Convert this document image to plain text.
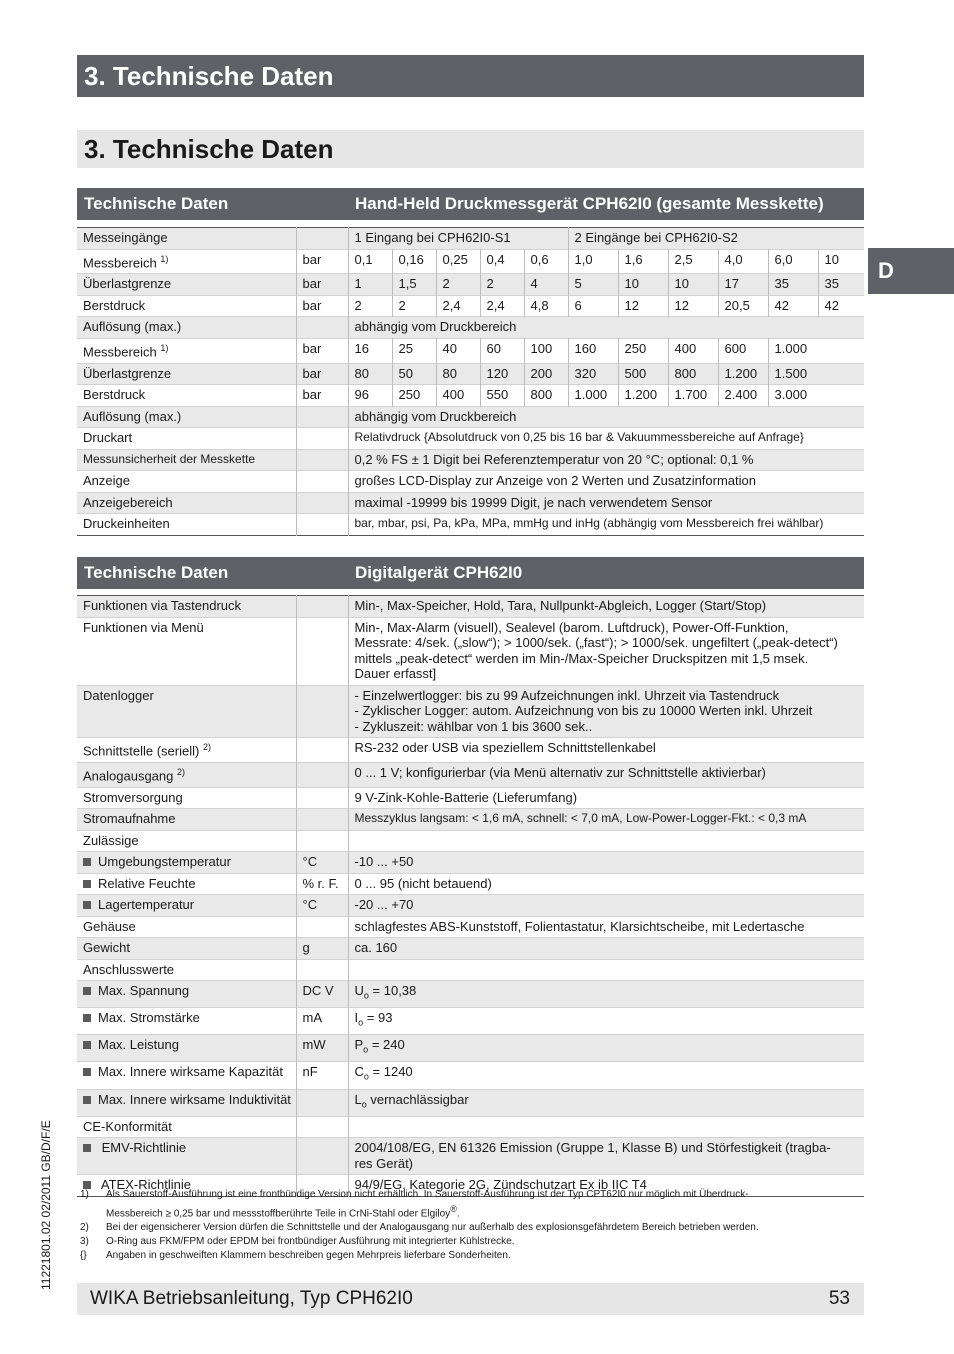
3. Technische Daten
3. Technische Daten
D
Technische Daten	Hand-Held Druckmessgerät CPH62I0 (gesamte Messkette)
Messeingänge		1 Eingang bei CPH62I0-S1					2 Eingänge bei CPH62I0-S2					
Messbereich $^{1)}$	bar	0,1	0,16	0,25	0,4	0,6	1,0	1,6	2,5	4,0	6,0	10
Überlastgrenze	bar	1	1,5	2	2	4	5	10	10	17	35	35
Berstdruck	bar	2	2	2,4	2,4	4,8	6	12	12	20,5	42	42
Auflösung (max.)		abhängig vom Druckbereich										
Messbereich $^{1)}$	bar	16	25	40	60	100	160	250	400	600	1.000	
Überlastgrenze	bar	80	50	80	120	200	320	500	800	1.200	1.500	
Berstdruck	bar	96	250	400	550	800	1.000	1.200	1.700	2.400	3.000	
Auflösung (max.)		abhängig vom Druckbereich										
Druckart		Relativdruck {Absolutdruck von 0,25 bis 16 bar & Vakuummessbereiche auf Anfrage}										
Messunsicherheit der Messkette		0,2 % FS ± 1 Digit bei Referenztemperatur von 20 °C; optional: 0,1 %										
Anzeige		großes LCD-Display zur Anzeige von 2 Werten und Zusatzinformation										
Anzeigebereich		maximal -19999 bis 19999 Digit, je nach verwendetem Sensor										
Druckeinheiten		bar, mbar, psi, Pa, kPa, MPa, mmHg und inHg (abhängig vom Messbereich frei wählbar)										
Technische Daten	Digitalgerät CPH62I0
Funktionen via Tastendruck		Min-, Max-Speicher, Hold, Tara, Nullpunkt-Abgleich, Logger (Start/Stop)
Funktionen via Menü		Min-, Max-Alarm (visuell), Sealevel (barom. Luftdruck), Power-Off-Funktion,
Messrate: 4/sek. („slow“); > 1000/sek. („fast“); > 1000/sek. ungefiltert („peak-detect“)
mittels „peak-detect“ werden im Min-/Max-Speicher Druckspitzen mit 1,5 msek.
Dauer erfasst]

Datenlogger		- Einzelwertlogger: bis zu 99 Aufzeichnungen inkl. Uhrzeit via Tastendruck
- Zyklischer Logger: autom. Aufzeichnung von bis zu 10000 Werten inkl. Uhrzeit
- Zykluszeit: wählbar von 1 bis 3600 sek..

Schnittstelle (seriell) $^{2)}$		RS-232 oder USB via speziellem Schnittstellenkabel
Analogausgang $^{2)}$		0 ... 1 V; konfigurierbar (via Menü alternativ zur Schnittstelle aktivierbar)
Stromversorgung		9 V-Zink-Kohle-Batterie (Lieferumfang)
Stromaufnahme		Messzyklus langsam: < 1,6 mA, schnell: < 7,0 mA, Low-Power-Logger-Fkt.: < 0,3 mA
Zulässige		
Umgebungstemperatur	°C	-10 ... +50
Relative Feuchte	% r. F.	0 ... 95 (nicht betauend)
Lagertemperatur	°C	-20 ... +70
Gehäuse		schlagfestes ABS-Kunststoff, Folientastatur, Klarsichtscheibe, mit Ledertasche
Gewicht	g	ca. 160
Anschlusswerte		
Max. Spannung	DC V	$U_o = 10,38$
Max. Stromstärke	mA	$I_o = 93$
Max. Leistung	mW	$P_o = 240$
Max. Innere wirksame Kapazität	nF	$C_o = 1240$
Max. Innere wirksame Induktivität		$L_o$ vernachlässigbar
CE-Konformität		
EMV-Richtlinie		2004/108/EG, EN 61326 Emission (Gruppe 1, Klasse B) und Störfestigkeit (tragba-
res Gerät)

ATEX-Richtlinie		94/9/EG, Kategorie 2G, Zündschutzart Ex ib IIC T4
1)	Als Sauerstoff-Ausführung ist eine frontbündige Version nicht erhältlich. In Sauerstoff-Ausführung ist der Typ CPT62I0 nur möglich mit Überdruck-
Messbereich ≥ 0,25 bar und messstoffberührte Teile in CrNi-Stahl oder Elgiloy®.
2)	Bei der eigensicherer Version dürfen die Schnittstelle und der Analogausgang nur außerhalb des explosionsgefährdetem Bereich betrieben werden.
3)	O-Ring aus FKM/FPM oder EPDM bei frontbündiger Ausführung mit integrierter Kühlstrecke.
{}	Angaben in geschweiften Klammern beschreiben gegen Mehrpreis lieferbare Sonderheiten.
11221801.02 02/2011 GB/D/F/E
WIKA Betriebsanleitung, Typ CPH62I0	53
